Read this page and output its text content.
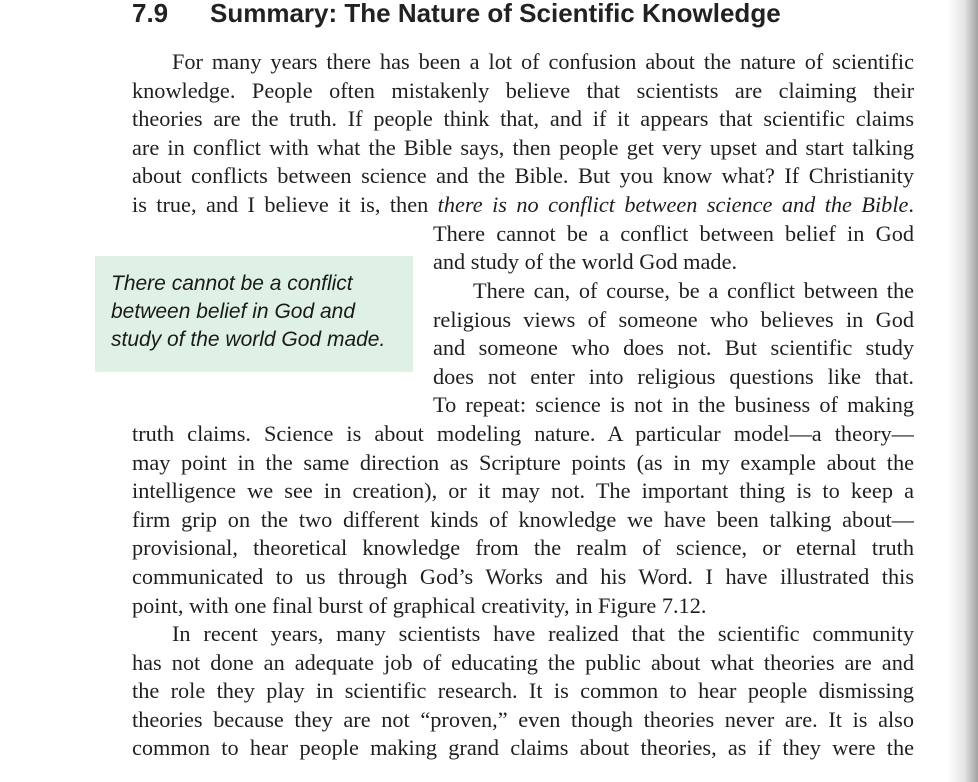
7.9 Summary: The Nature of Scientific Knowledge
For many years there has been a lot of confusion about the nature of scientific
knowledge. People often mistakenly believe that scientists are claiming their
theories are the truth. If people think that, and if it appears that scientific claims
are in conflict with what the Bible says, then people get very upset and start talking
about conflicts between science and the Bible. But you know what? If Christianity
is true, and I believe it is, then there is no conflict between science and the Bible.
There cannot be a conflict between belief in God
and study of the world God made.
There can, of course, be a conflict between the
religious views of someone who believes in God
and someone who does not. But scientific study
does not enter into religious questions like that.
To repeat: science is not in the business of making
There cannot be a conflict
between belief in God and
study of the world God made.
truth claims. Science is about modeling nature. A particular model—a theory—
may point in the same direction as Scripture points (as in my example about the
intelligence we see in creation), or it may not. The important thing is to keep a
firm grip on the two different kinds of knowledge we have been talking about—
provisional, theoretical knowledge from the realm of science, or eternal truth
communicated to us through God’s Works and his Word. I have illustrated this
point, with one final burst of graphical creativity, in Figure 7.12.
In recent years, many scientists have realized that the scientific community
has not done an adequate job of educating the public about what theories are and
the role they play in scientific research. It is common to hear people dismissing
theories because they are not “proven,” even though theories never are. It is also
common to hear people making grand claims about theories, as if they were the
